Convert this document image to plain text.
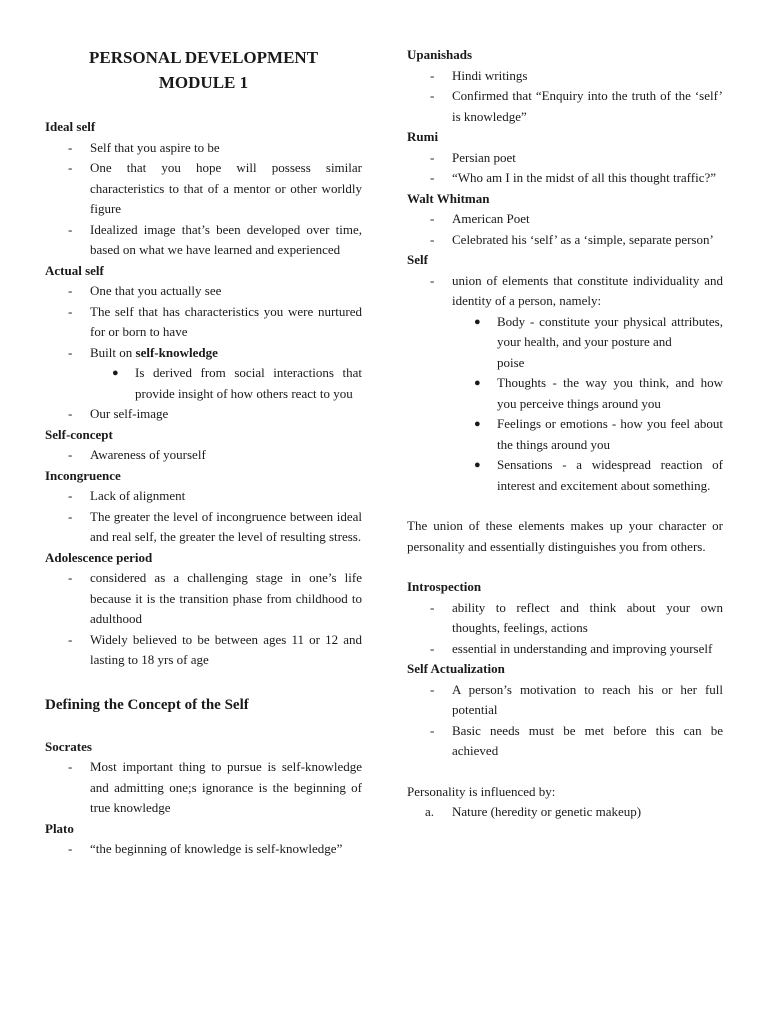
PERSONAL DEVELOPMENT
MODULE 1
Ideal self
- Self that you aspire to be
- One that you hope will possess similar characteristics to that of a mentor or other worldly figure
- Idealized image that’s been developed over time, based on what we have learned and experienced
Actual self
- One that you actually see
- The self that has characteristics you were nurtured for or born to have
- Built on self-knowledge
● Is derived from social interactions that provide insight of how others react to you
- Our self-image
Self-concept
- Awareness of yourself
Incongruence
- Lack of alignment
- The greater the level of incongruence between ideal and real self, the greater the level of resulting stress.
Adolescence period
- considered as a challenging stage in one’s life because it is the transition phase from childhood to adulthood
- Widely believed to be between ages 11 or 12 and lasting to 18 yrs of age
Defining the Concept of the Self
Socrates
- Most important thing to pursue is self-knowledge and admitting one;s ignorance is the beginning of true knowledge
Plato
- “the beginning of knowledge is self-knowledge”
Upanishads
- Hindi writings
- Confirmed that “Enquiry into the truth of the ‘self’ is knowledge”
Rumi
- Persian poet
- “Who am I in the midst of all this thought traffic?”
Walt Whitman
- American Poet
- Celebrated his ‘self’ as a ‘simple, separate person’
Self
- union of elements that constitute individuality and identity of a person, namely:
● Body - constitute your physical attributes, your health, and your posture and
poise
● Thoughts - the way you think, and how you perceive things around you
● Feelings or emotions - how you feel about the things around you
● Sensations - a widespread reaction of interest and excitement about something.

The union of these elements makes up your character or personality and essentially distinguishes you from others.

Introspection
- ability to reflect and think about your own thoughts, feelings, actions
- essential in understanding and improving yourself
Self Actualization
- A person’s motivation to reach his or her full potential
- Basic needs must be met before this can be achieved

Personality is influenced by:

a. Nature (heredity or genetic makeup)
